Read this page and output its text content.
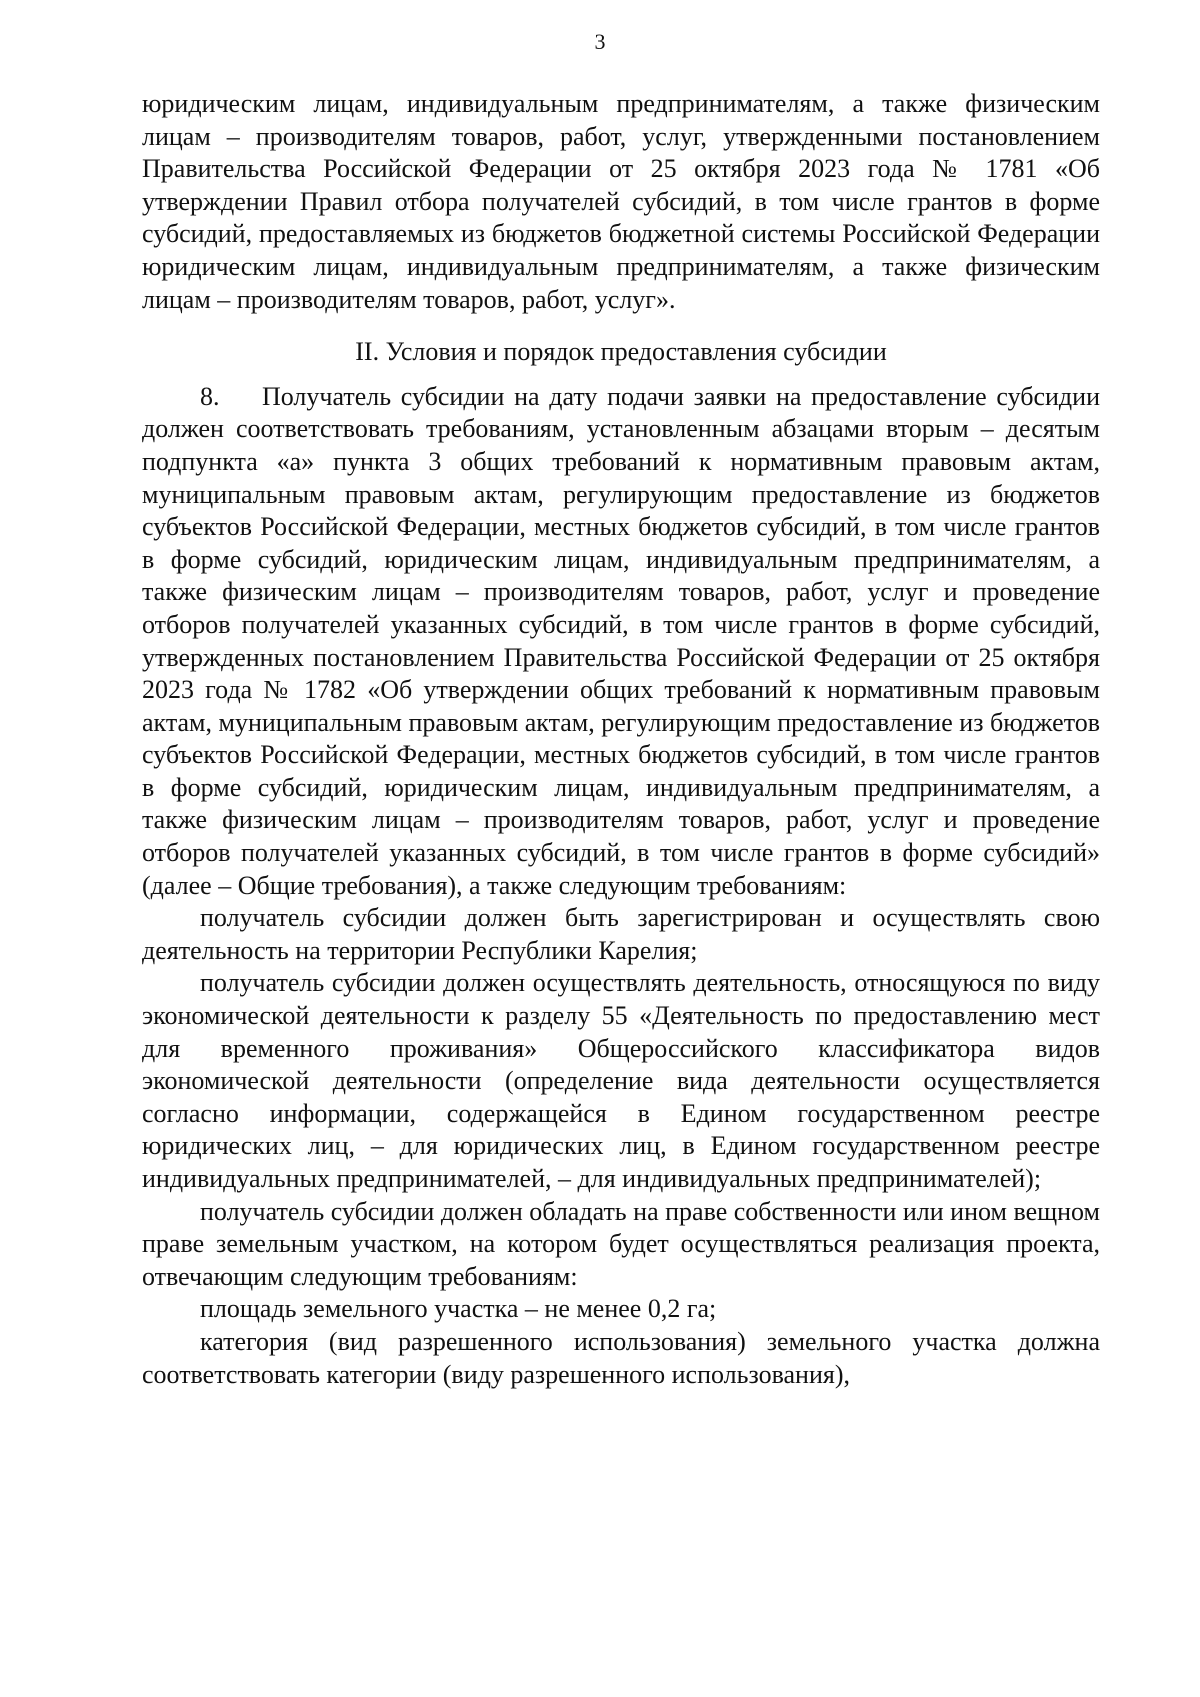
3

юридическим лицам, индивидуальным предпринимателям, а также физическим лицам – производителям товаров, работ, услуг, утвержденными постановлением Правительства Российской Федерации от 25 октября 2023 года № 1781 «Об утверждении Правил отбора получателей субсидий, в том числе грантов в форме субсидий, предоставляемых из бюджетов бюджетной системы Российской Федерации юридическим лицам, индивидуальным предпринимателям, а также физическим лицам – производителям товаров, работ, услуг».

II. Условия и порядок предоставления субсидии

8. Получатель субсидии на дату подачи заявки на предоставление субсидии должен соответствовать требованиям, установленным абзацами вторым – десятым подпункта «а» пункта 3 общих требований к нормативным правовым актам, муниципальным правовым актам, регулирующим предоставление из бюджетов субъектов Российской Федерации, местных бюджетов субсидий, в том числе грантов в форме субсидий, юридическим лицам, индивидуальным предпринимателям, а также физическим лицам – производителям товаров, работ, услуг и проведение отборов получателей указанных субсидий, в том числе грантов в форме субсидий, утвержденных постановлением Правительства Российской Федерации от 25 октября 2023 года № 1782 «Об утверждении общих требований к нормативным правовым актам, муниципальным правовым актам, регулирующим предоставление из бюджетов субъектов Российской Федерации, местных бюджетов субсидий, в том числе грантов в форме субсидий, юридическим лицам, индивидуальным предпринимателям, а также физическим лицам – производителям товаров, работ, услуг и проведение отборов получателей указанных субсидий, в том числе грантов в форме субсидий» (далее – Общие требования), а также следующим требованиям:

получатель субсидии должен быть зарегистрирован и осуществлять свою деятельность на территории Республики Карелия;

получатель субсидии должен осуществлять деятельность, относящуюся по виду экономической деятельности к разделу 55 «Деятельность по предоставлению мест для временного проживания» Общероссийского классификатора видов экономической деятельности (определение вида деятельности осуществляется согласно информации, содержащейся в Едином государственном реестре юридических лиц, – для юридических лиц, в Едином государственном реестре индивидуальных предпринимателей, – для индивидуальных предпринимателей);

получатель субсидии должен обладать на праве собственности или ином вещном праве земельным участком, на котором будет осуществляться реализация проекта, отвечающим следующим требованиям:

площадь земельного участка – не менее 0,2 га;

категория (вид разрешенного использования) земельного участка должна соответствовать категории (виду разрешенного использования),
